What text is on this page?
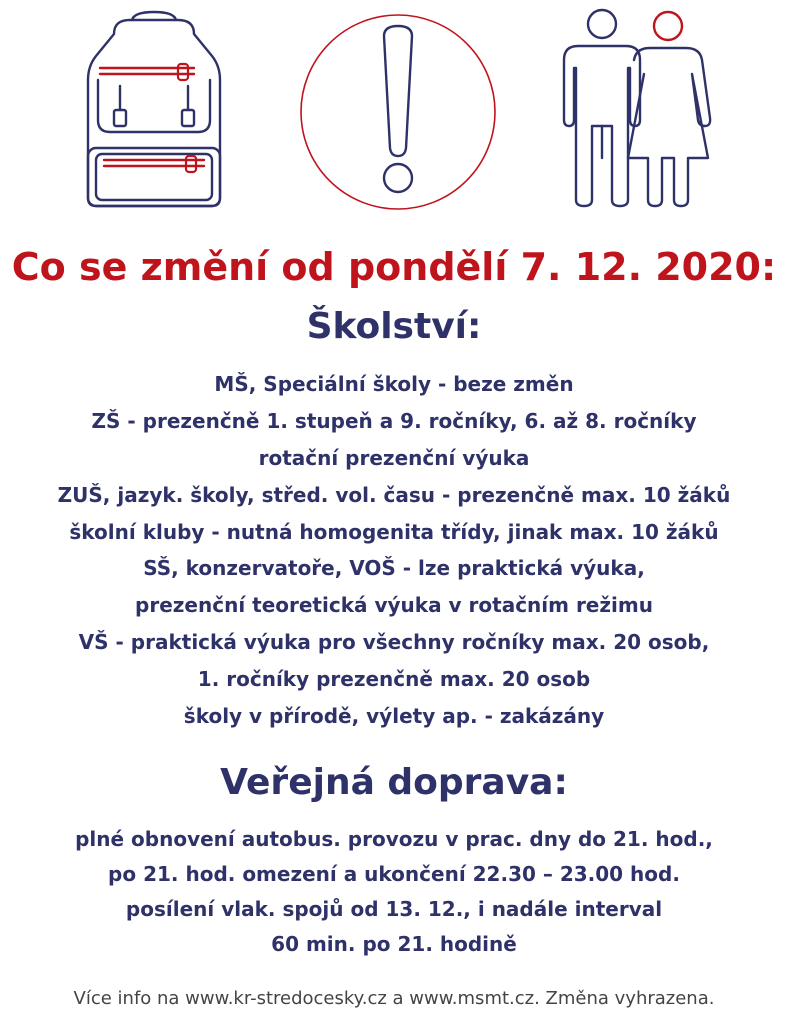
Co se změní od pondělí 7. 12. 2020:
Školství:
MŠ, Speciální školy - beze změn
ZŠ - prezenčně 1. stupeň a 9. ročníky, 6. až 8. ročníky
rotační prezenční výuka
ZUŠ, jazyk. školy, střed. vol. času - prezenčně max. 10 žáků
školní kluby - nutná homogenita třídy, jinak max. 10 žáků
SŠ, konzervatoře, VOŠ - lze praktická výuka,
prezenční teoretická výuka v rotačním režimu
VŠ - praktická výuka pro všechny ročníky max. 20 osob,
1. ročníky prezenčně max. 20 osob
školy v přírodě, výlety ap. - zakázány
Veřejná doprava:
plné obnovení autobus. provozu v prac. dny do 21. hod.,
po 21. hod. omezení a ukončení 22.30 – 23.00 hod.
posílení vlak. spojů od 13. 12., i nadále interval
60 min. po 21. hodině

Více info na www.kr-stredocesky.cz a www.msmt.cz. Změna vyhrazena.
